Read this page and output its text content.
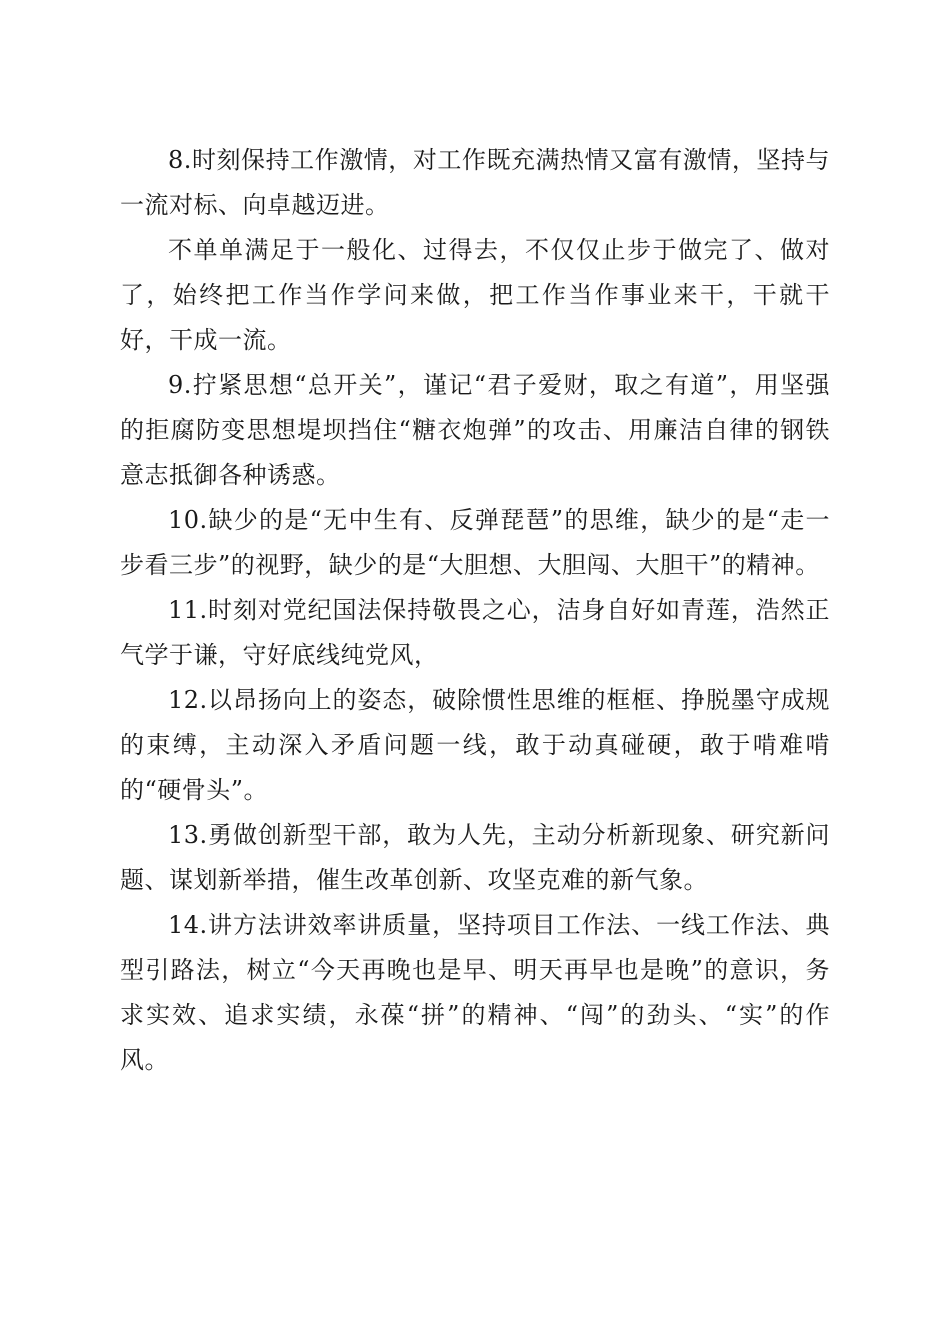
8.时刻保持工作激情，对工作既充满热情又富有激情，坚持与一流对标、向卓越迈进。

不单单满足于一般化、过得去，不仅仅止步于做完了、做对了，始终把工作当作学问来做，把工作当作事业来干，干就干好，干成一流。

9.拧紧思想“总开关”，谨记“君子爱财，取之有道”，用坚强的拒腐防变思想堤坝挡住“糖衣炮弹”的攻击、用廉洁自律的钢铁意志抵御各种诱惑。

10.缺少的是“无中生有、反弹琵琶”的思维，缺少的是“走一步看三步”的视野，缺少的是“大胆想、大胆闯、大胆干”的精神。

11.时刻对党纪国法保持敬畏之心，洁身自好如青莲，浩然正气学于谦，守好底线纯党风，

12.以昂扬向上的姿态，破除惯性思维的框框、挣脱墨守成规的束缚，主动深入矛盾问题一线，敢于动真碰硬，敢于啃难啃的“硬骨头”。

13.勇做创新型干部，敢为人先，主动分析新现象、研究新问题、谋划新举措，催生改革创新、攻坚克难的新气象。

14.讲方法讲效率讲质量，坚持项目工作法、一线工作法、典型引路法，树立“今天再晚也是早、明天再早也是晚”的意识，务求实效、追求实绩，永葆“拼”的精神、“闯”的劲头、“实”的作风。
